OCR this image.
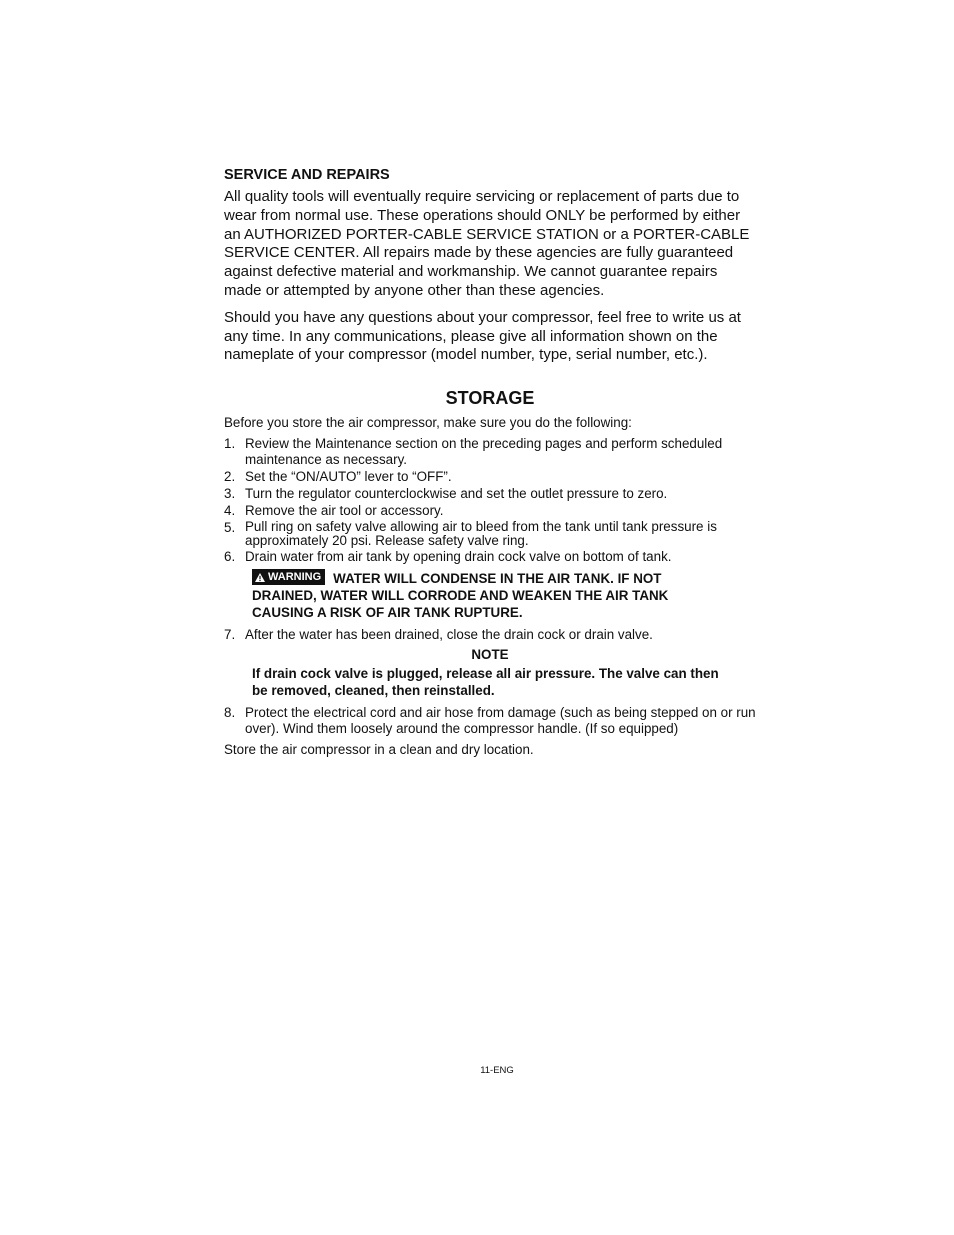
SERVICE AND REPAIRS

All quality tools will eventually require servicing or replacement of parts due to wear from normal use. These operations should ONLY be performed by either an AUTHORIZED PORTER-CABLE SERVICE STATION or a PORTER-CABLE SERVICE CENTER. All repairs made by these agencies are fully guaranteed against defective material and workmanship. We cannot guarantee repairs made or attempted by anyone other than these agencies.

Should you have any questions about your compressor, feel free to write us at any time. In any communications, please give all information shown on the nameplate of your compressor (model number, type, serial number, etc.).

STORAGE

Before you store the air compressor, make sure you do the following:

1. Review the Maintenance section on the preceding pages and perform scheduled maintenance as necessary.
2. Set the “ON/AUTO” lever to “OFF”.
3. Turn the regulator counterclockwise and set the outlet pressure to zero.
4. Remove the air tool or accessory.
5. Pull ring on safety valve allowing air to bleed from the tank until tank pressure is approximately 20 psi. Release safety valve ring.
6. Drain water from air tank by opening drain cock valve on bottom of tank.
WARNING WATER WILL CONDENSE IN THE AIR TANK. IF NOT DRAINED, WATER WILL CORRODE AND WEAKEN THE AIR TANK CAUSING A RISK OF AIR TANK RUPTURE.
7. After the water has been drained, close the drain cock or drain valve.
NOTE
If drain cock valve is plugged, release all air pressure. The valve can then be removed, cleaned, then reinstalled.
8. Protect the electrical cord and air hose from damage (such as being stepped on or run over). Wind them loosely around the compressor handle. (If so equipped)

Store the air compressor in a clean and dry location.

11-ENG
